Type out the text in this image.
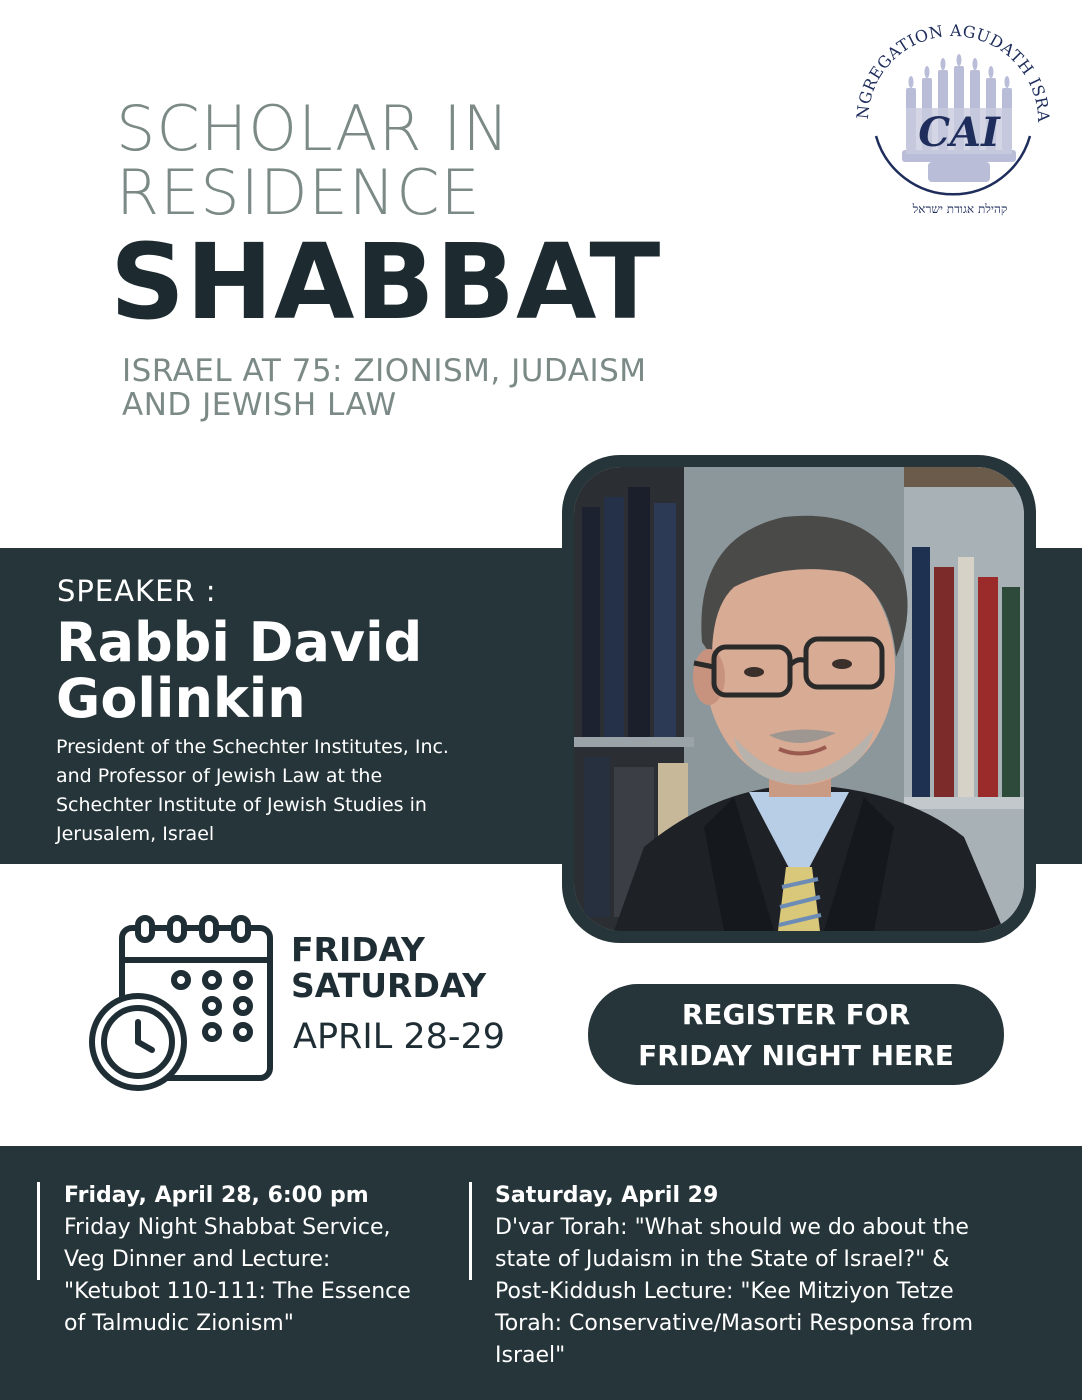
SCHOLAR IN
RESIDENCE
SHABBAT
ISRAEL AT 75: ZIONISM, JUDAISM
AND JEWISH LAW
NGREGATION AGUDATH ISRA
CAI
קהילת אגודת ישראל
SPEAKER :
Rabbi David
Golinkin
President of the Schechter Institutes, Inc.
and Professor of Jewish Law at the
Schechter Institute of Jewish Studies in
Jerusalem, Israel
FRIDAY
SATURDAY
APRIL 28-29
REGISTER FOR
FRIDAY NIGHT HERE
Friday, April 28, 6:00 pm
Friday Night Shabbat Service,
Veg Dinner and Lecture:
"Ketubot 110-111: The Essence
of Talmudic Zionism"
Saturday, April 29
D'var Torah: "What should we do about the
state of Judaism in the State of Israel?" &
Post-Kiddush Lecture: "Kee Mitziyon Tetze
Torah: Conservative/Masorti Responsa from
Israel"
